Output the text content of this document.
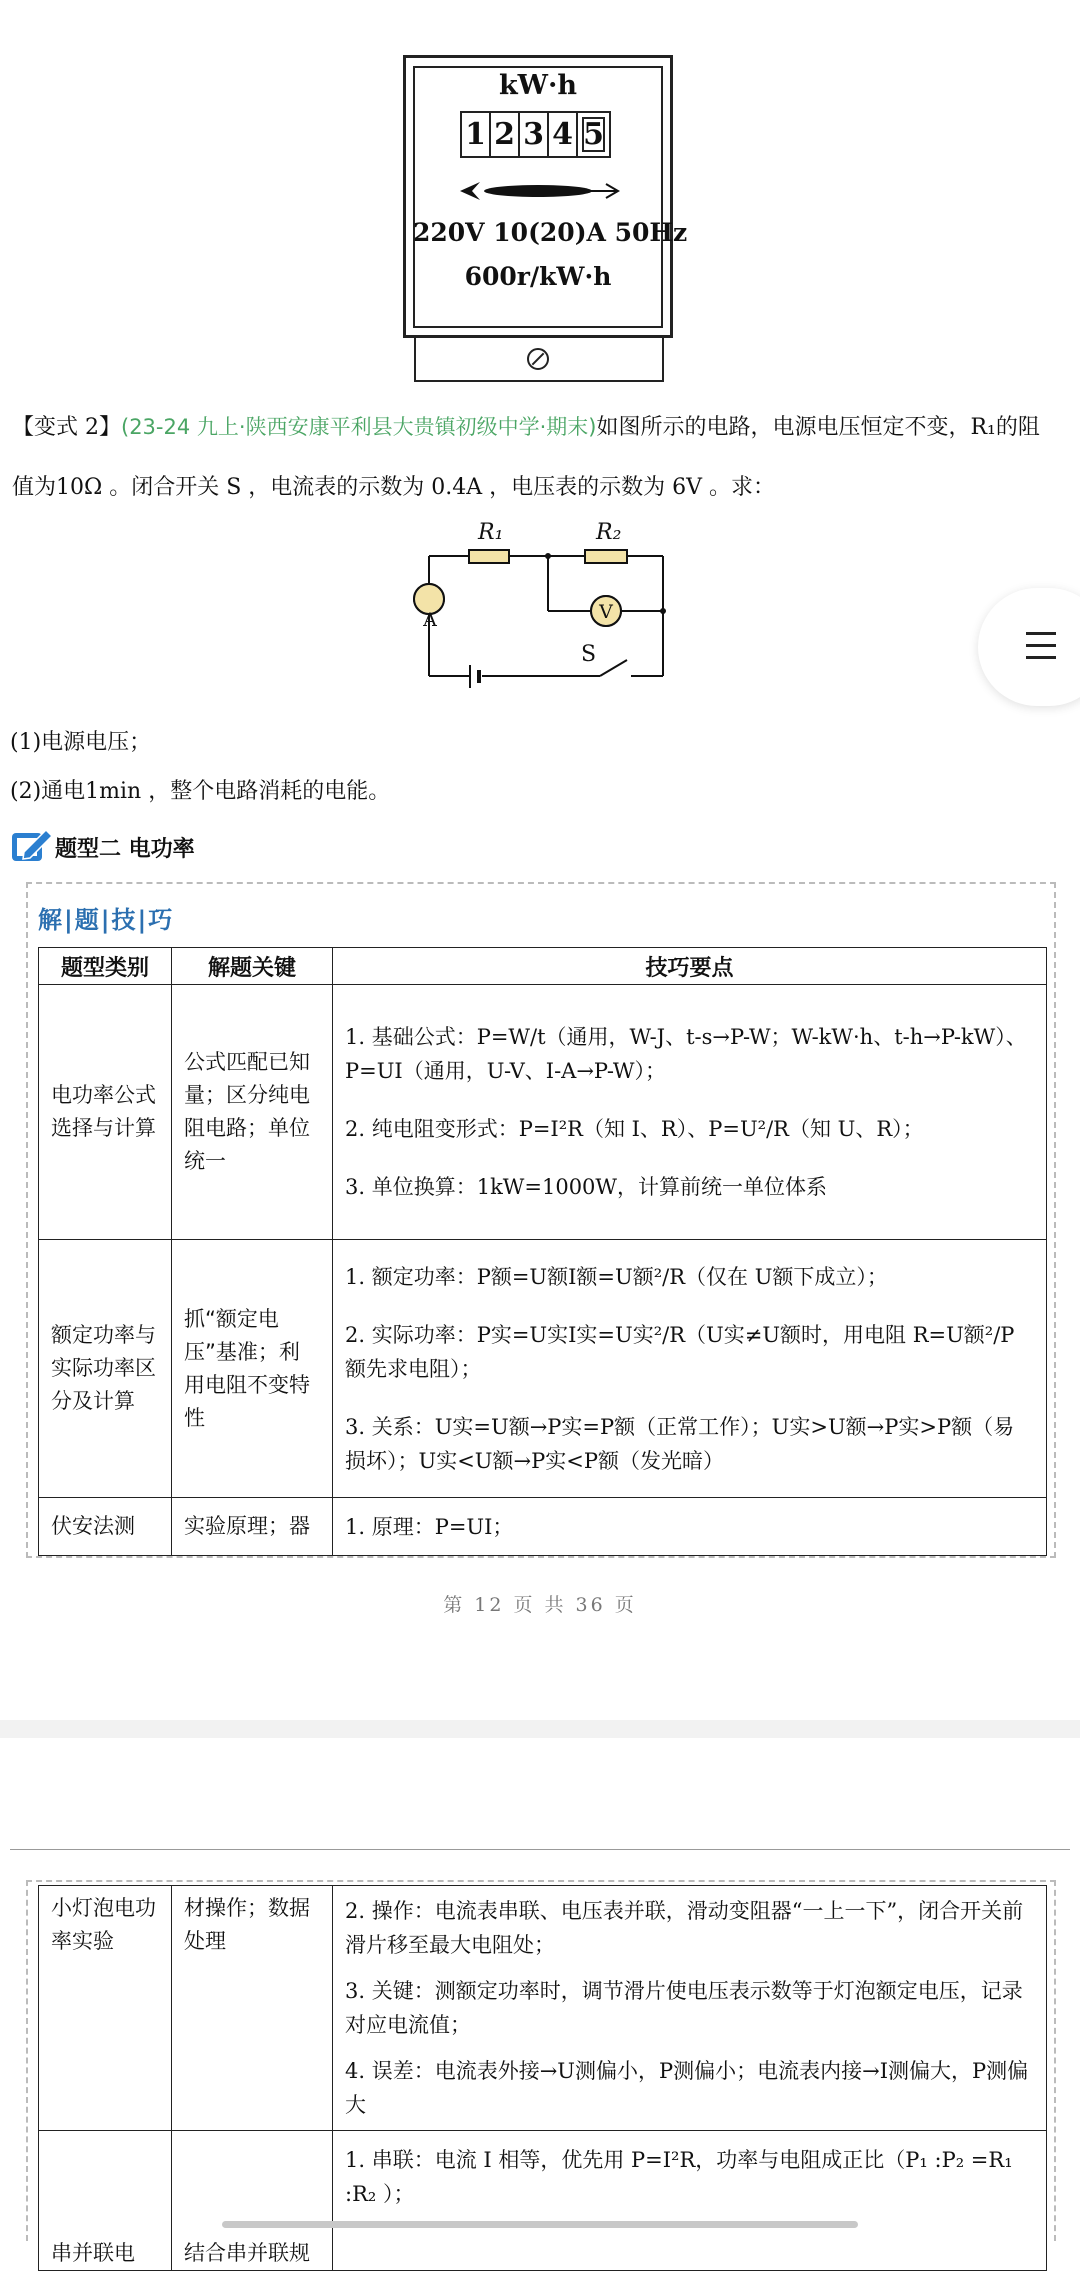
kW·h
1 2 3 4 5
220V 10(20)A 50Hz
600r/kW·h
【变式 2】(23-24 九上·陕西安康平利县大贵镇初级中学·期末)如图所示的电路，电源电压恒定不变，R₁的阻
值为10Ω 。闭合开关 S ，电流表的示数为 0.4A ，电压表的示数为 6V 。求：
R₁	R₂
A	V
S
(1)电源电压；
(2)通电1min ，整个电路消耗的电能。
题型二 电功率
解|题|技|巧
题型类别	解题关键	技巧要点
电功率公式选择与计算	公式匹配已知量；区分纯电阻电路；单位统一	1. 基础公式：P=W/t（通用，W-J、t-s→P-W；W-kW·h、t-h→P-kW）、P=UI（通用，U-V、I-A→P-W）；

2. 纯电阻变形式：P=I²R（知 I、R）、P=U²/R（知 U、R）；

3. 单位换算：1kW=1000W，计算前统一单位体系

额定功率与实际功率区分及计算	抓“额定电压”基准；利用电阻不变特性	1. 额定功率：P额=U额I额=U额²/R（仅在 U额下成立）；

2. 实际功率：P实=U实I实=U实²/R（U实≠U额时，用电阻 R=U额²/P额先求电阻）；

3. 关系：U实=U额→P实=P额（正常工作）；U实>U额→P实>P额（易损坏）；U实<U额→P实<P额（发光暗）

伏安法测	实验原理；器	1. 原理：P=UI；

第 12 页 共 36 页
小灯泡电功率实验	材操作；数据处理	2. 操作：电流表串联、电压表并联，滑动变阻器“一上一下”，闭合开关前滑片移至最大电阻处；

3. 关键：测额定功率时，调节滑片使电压表示数等于灯泡额定电压，记录对应电流值；

4. 误差：电流表外接→U测偏小，P测偏小；电流表内接→I测偏大，P测偏大

串并联电	结合串并联规	1. 串联：电流 I 相等，优先用 P=I²R，功率与电阻成正比（P₁ :P₂ =R₁ :R₂ ）；
